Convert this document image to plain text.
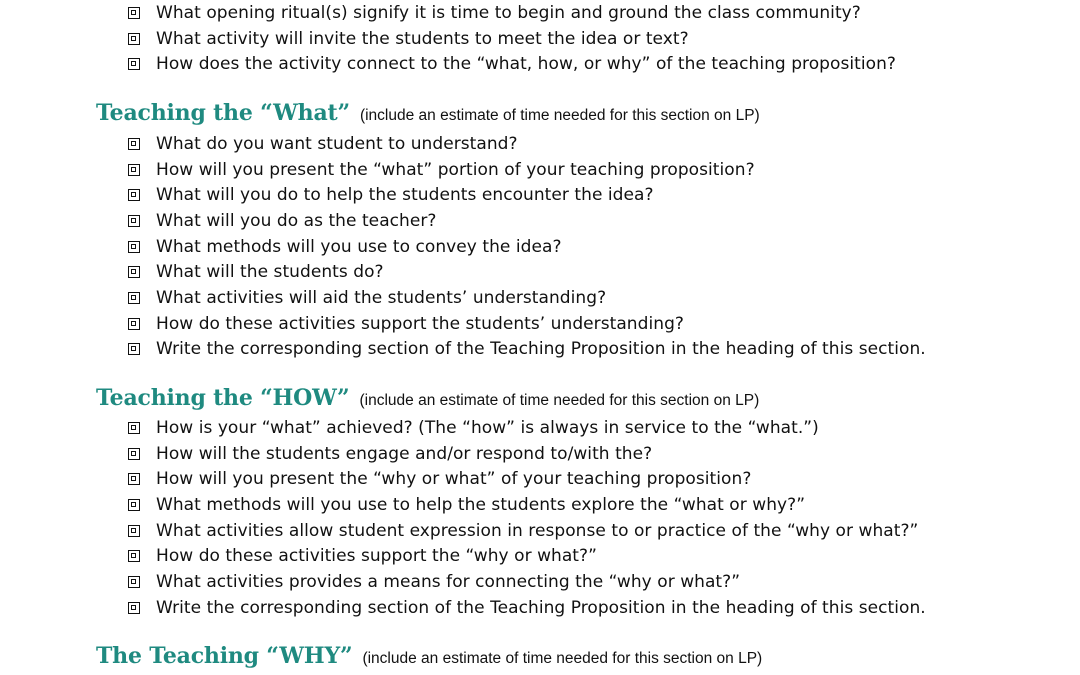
What opening ritual(s) signify it is time to begin and ground the class community?
What activity will invite the students to meet the idea or text?
How does the activity connect to the “what, how, or why” of the teaching proposition?
Teaching the “What” (include an estimate of time needed for this section on LP)
What do you want student to understand?
How will you present the “what” portion of your teaching proposition?
What will you do to help the students encounter the idea?
What will you do as the teacher?
What methods will you use to convey the idea?
What will the students do?
What activities will aid the students’ understanding?
How do these activities support the students’ understanding?
Write the corresponding section of the Teaching Proposition in the heading of this section.
Teaching the “HOW” (include an estimate of time needed for this section on LP)
How is your “what” achieved? (The “how” is always in service to the “what.”)
How will the students engage and/or respond to/with the?
How will you present the “why or what” of your teaching proposition?
What methods will you use to help the students explore the “what or why?”
What activities allow student expression in response to or practice of the “why or what?”
How do these activities support the “why or what?”
What activities provides a means for connecting the “why or what?”
Write the corresponding section of the Teaching Proposition in the heading of this section.
The Teaching “WHY” (include an estimate of time needed for this section on LP)
